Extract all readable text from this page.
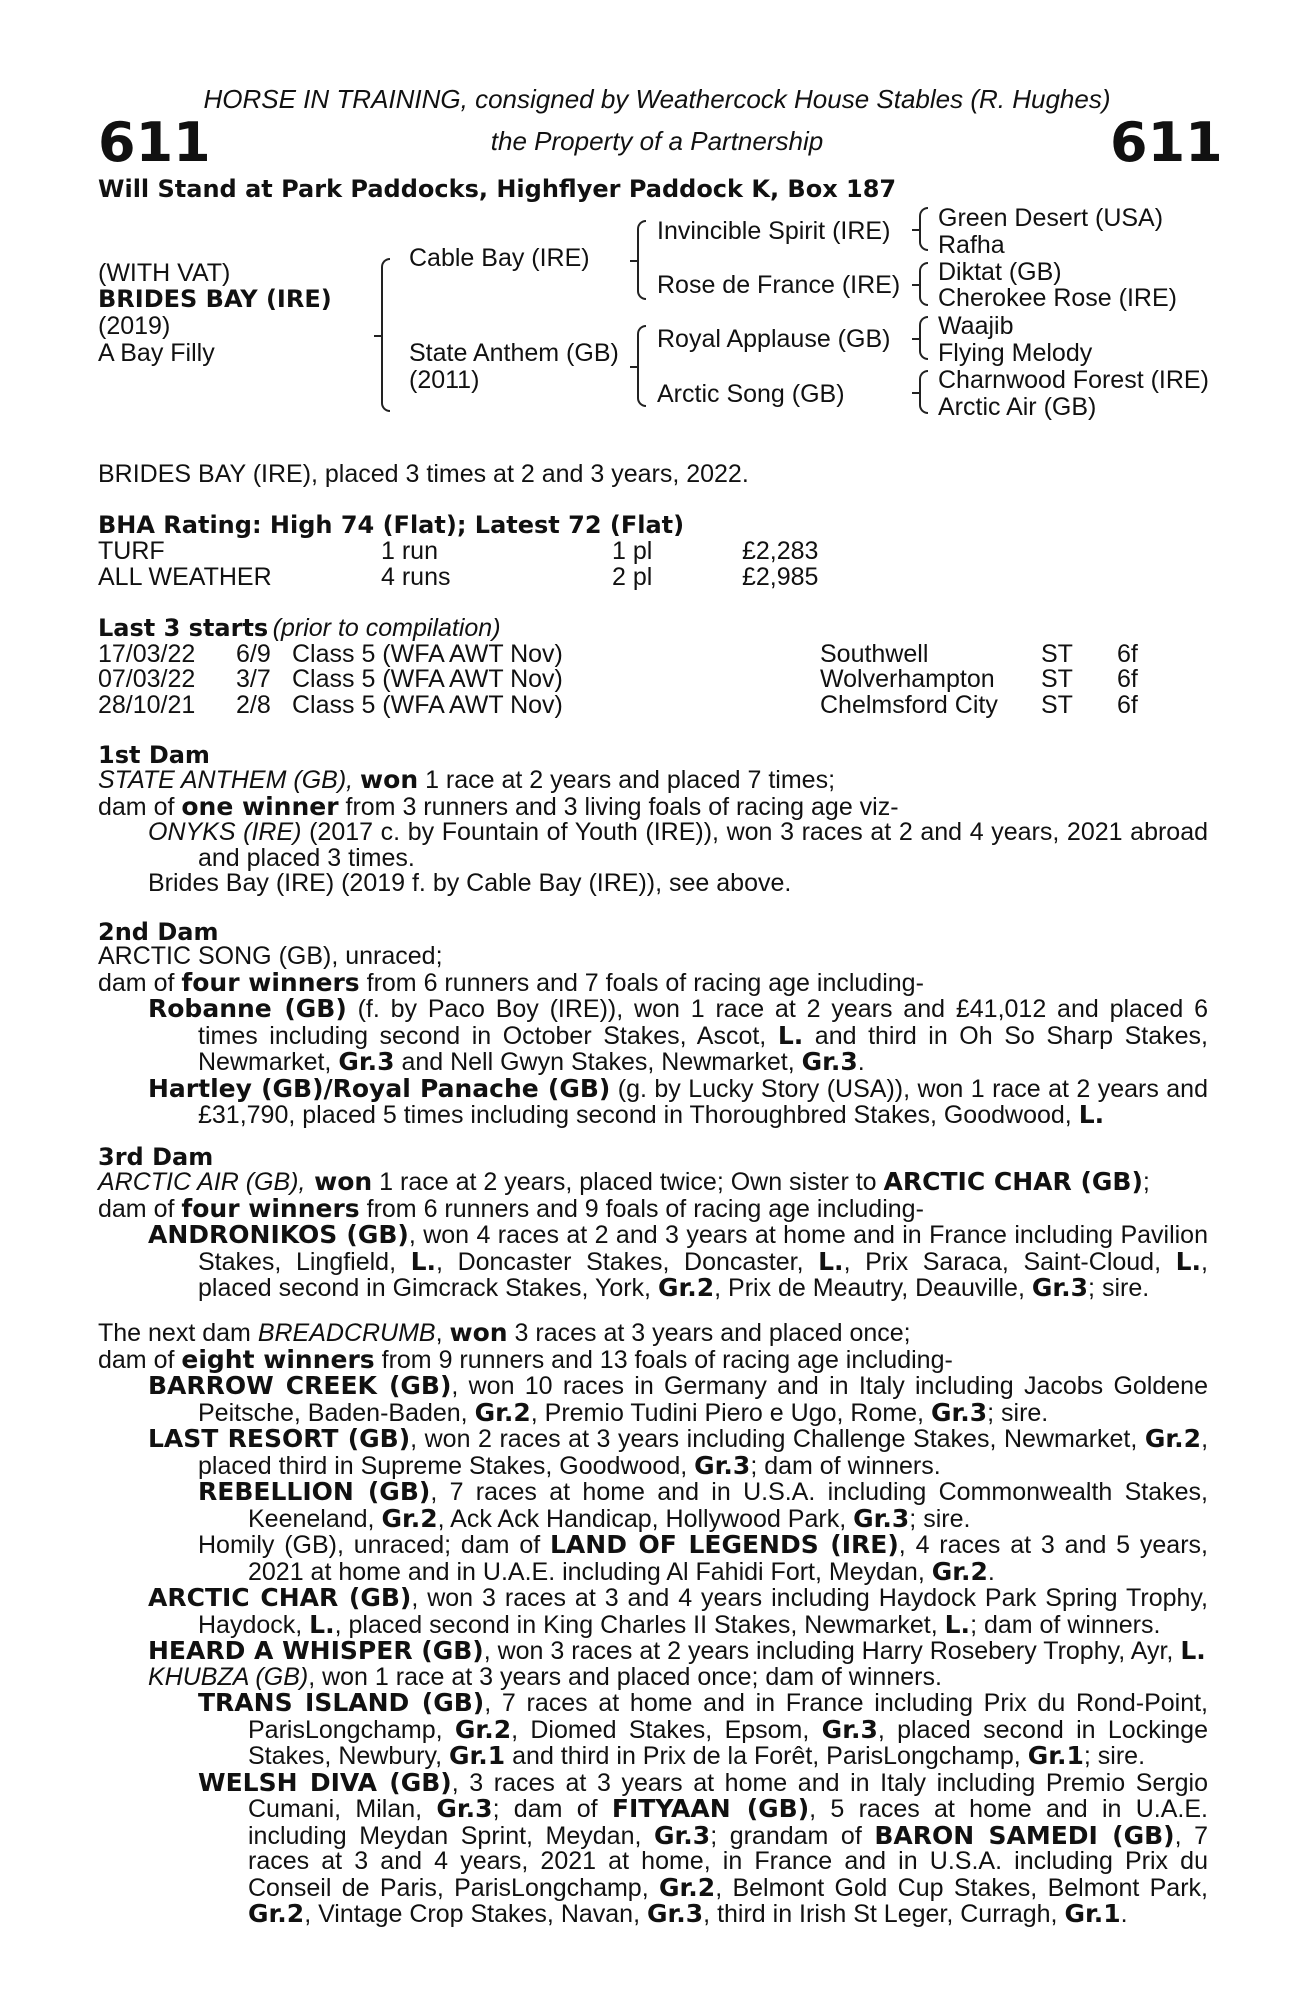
HORSE IN TRAINING, consigned by Weathercock House Stables (R. Hughes)
611	611
the Property of a Partnership
Will Stand at Park Paddocks, Highflyer Paddock K, Box 187
(WITH VAT)
BRIDES BAY (IRE)
(2019)
A Bay Filly
Cable Bay (IRE)
State Anthem (GB)
(2011)
Invincible Spirit (IRE)
Rose de France (IRE)
Royal Applause (GB)
Arctic Song (GB)
Green Desert (USA)
Rafha
Diktat (GB)
Cherokee Rose (IRE)
Waajib
Flying Melody
Charnwood Forest (IRE)
Arctic Air (GB)
BRIDES BAY (IRE), placed 3 times at 2 and 3 years, 2022.
BHA Rating: High 74 (Flat); Latest 72 (Flat)
TURF	1 run	1 pl	£2,283
ALL WEATHER	4 runs	2 pl	£2,985
Last 3 starts (prior to compilation)
17/03/22 6/9 Class 5 (WFA AWT Nov)	Southwell	ST 6f
07/03/22 3/7 Class 5 (WFA AWT Nov)	Wolverhampton ST 6f
28/10/21 2/8 Class 5 (WFA AWT Nov)	Chelmsford City ST 6f
1st Dam
STATE ANTHEM (GB), won 1 race at 2 years and placed 7 times;
dam of one winner from 3 runners and 3 living foals of racing age viz-
ONYKS (IRE) (2017 c. by Fountain of Youth (IRE)), won 3 races at 2 and 4 years, 2021 abroad and placed 3 times.
Brides Bay (IRE) (2019 f. by Cable Bay (IRE)), see above.
2nd Dam
ARCTIC SONG (GB), unraced;
dam of four winners from 6 runners and 7 foals of racing age including-
Robanne (GB) (f. by Paco Boy (IRE)), won 1 race at 2 years and £41,012 and placed 6 times including second in October Stakes, Ascot, L. and third in Oh So Sharp Stakes, Newmarket, Gr.3 and Nell Gwyn Stakes, Newmarket, Gr.3.
Hartley (GB)/Royal Panache (GB) (g. by Lucky Story (USA)), won 1 race at 2 years and £31,790, placed 5 times including second in Thoroughbred Stakes, Goodwood, L.
3rd Dam
ARCTIC AIR (GB), won 1 race at 2 years, placed twice; Own sister to ARCTIC CHAR (GB);
dam of four winners from 6 runners and 9 foals of racing age including-
ANDRONIKOS (GB), won 4 races at 2 and 3 years at home and in France including Pavilion Stakes, Lingfield, L., Doncaster Stakes, Doncaster, L., Prix Saraca, Saint-Cloud, L., placed second in Gimcrack Stakes, York, Gr.2, Prix de Meautry, Deauville, Gr.3; sire.
The next dam BREADCRUMB, won 3 races at 3 years and placed once;
dam of eight winners from 9 runners and 13 foals of racing age including-
BARROW CREEK (GB), won 10 races in Germany and in Italy including Jacobs Goldene Peitsche, Baden-Baden, Gr.2, Premio Tudini Piero e Ugo, Rome, Gr.3; sire.
LAST RESORT (GB), won 2 races at 3 years including Challenge Stakes, Newmarket, Gr.2, placed third in Supreme Stakes, Goodwood, Gr.3; dam of winners.
REBELLION (GB), 7 races at home and in U.S.A. including Commonwealth Stakes, Keeneland, Gr.2, Ack Ack Handicap, Hollywood Park, Gr.3; sire.
Homily (GB), unraced; dam of LAND OF LEGENDS (IRE), 4 races at 3 and 5 years, 2021 at home and in U.A.E. including Al Fahidi Fort, Meydan, Gr.2.
ARCTIC CHAR (GB), won 3 races at 3 and 4 years including Haydock Park Spring Trophy, Haydock, L., placed second in King Charles II Stakes, Newmarket, L.; dam of winners.
HEARD A WHISPER (GB), won 3 races at 2 years including Harry Rosebery Trophy, Ayr, L.
KHUBZA (GB), won 1 race at 3 years and placed once; dam of winners.
TRANS ISLAND (GB), 7 races at home and in France including Prix du Rond-Point, ParisLongchamp, Gr.2, Diomed Stakes, Epsom, Gr.3, placed second in Lockinge Stakes, Newbury, Gr.1 and third in Prix de la Forêt, ParisLongchamp, Gr.1; sire.
WELSH DIVA (GB), 3 races at 3 years at home and in Italy including Premio Sergio Cumani, Milan, Gr.3; dam of FITYAAN (GB), 5 races at home and in U.A.E. including Meydan Sprint, Meydan, Gr.3; grandam of BARON SAMEDI (GB), 7 races at 3 and 4 years, 2021 at home, in France and in U.S.A. including Prix du Conseil de Paris, ParisLongchamp, Gr.2, Belmont Gold Cup Stakes, Belmont Park, Gr.2, Vintage Crop Stakes, Navan, Gr.3, third in Irish St Leger, Curragh, Gr.1.
